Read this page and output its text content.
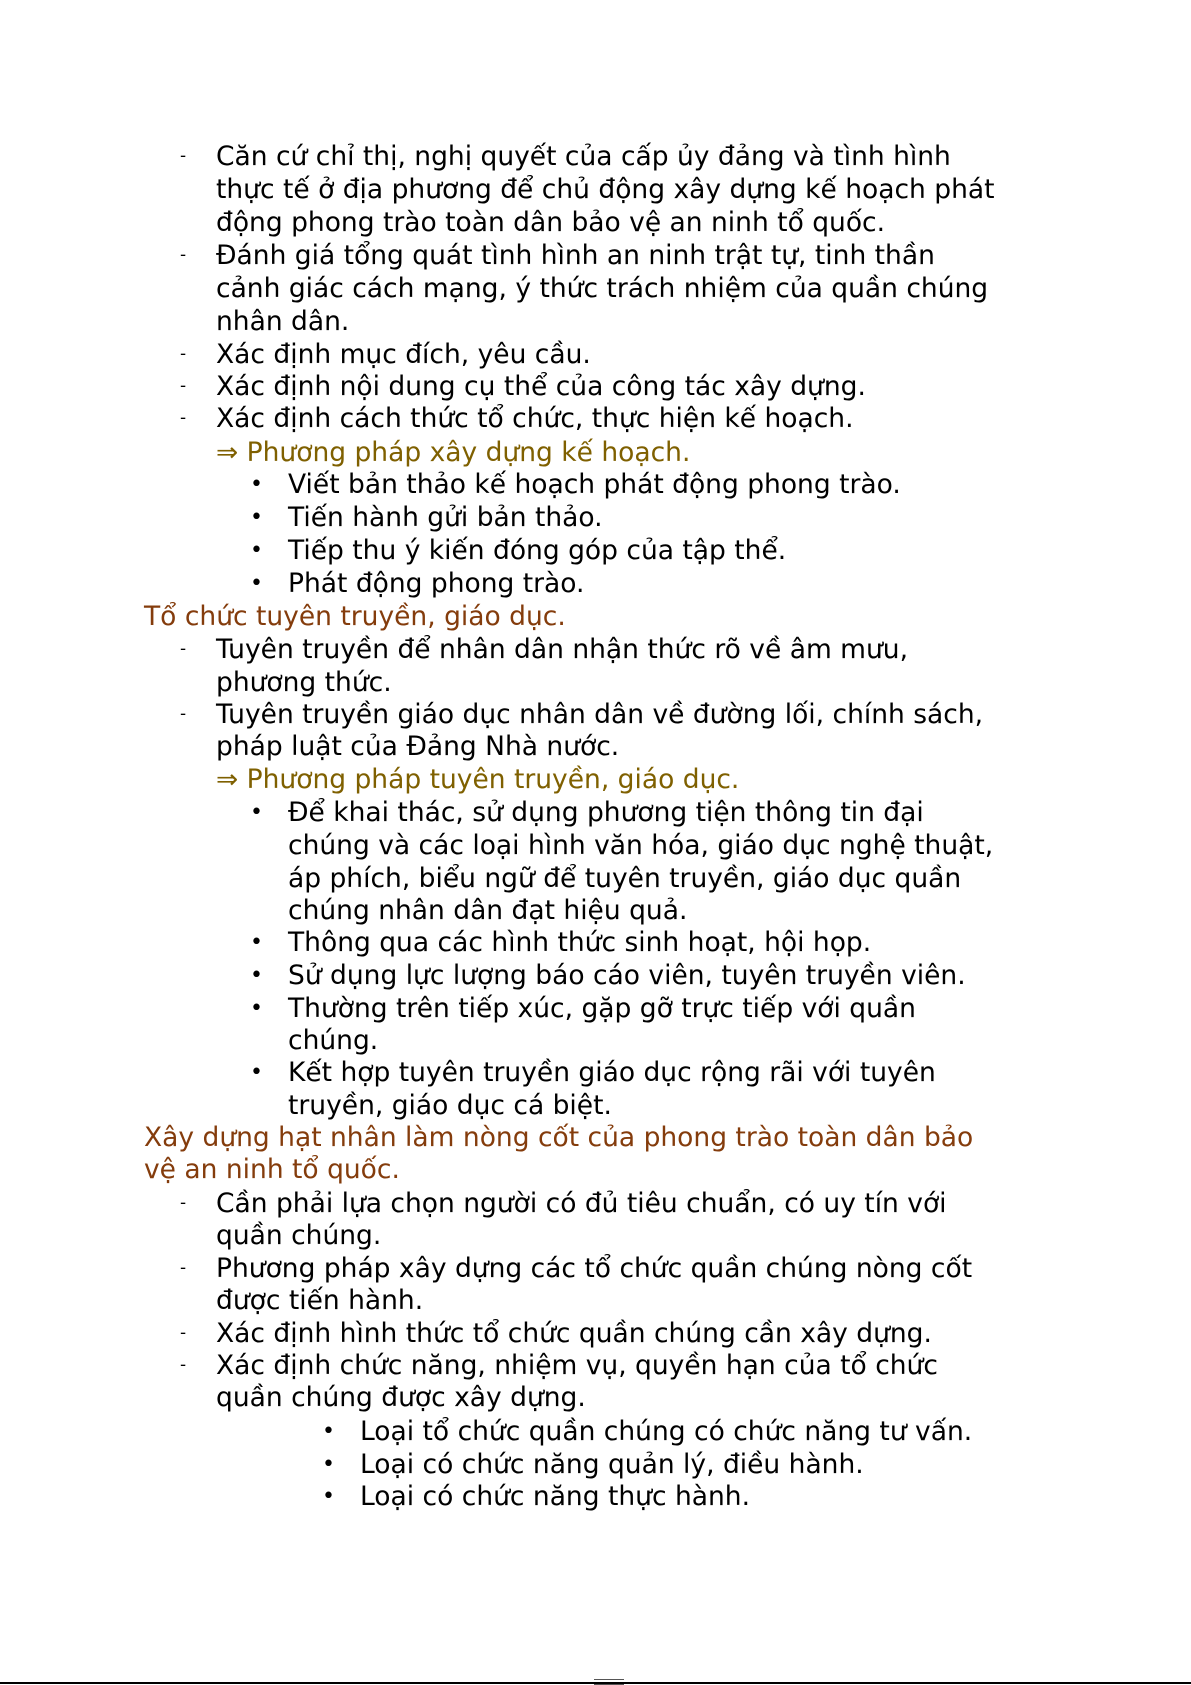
- Căn cứ chỉ thị, nghị quyết của cấp ủy đảng và tình hình
thực tế ở địa phương để chủ động xây dựng kế hoạch phát
động phong trào toàn dân bảo vệ an ninh tổ quốc.
- Đánh giá tổng quát tình hình an ninh trật tự, tinh thần
cảnh giác cách mạng, ý thức trách nhiệm của quần chúng
nhân dân.
- Xác định mục đích, yêu cầu.
- Xác định nội dung cụ thể của công tác xây dựng.
- Xác định cách thức tổ chức, thực hiện kế hoạch.
⇒ Phương pháp xây dựng kế hoạch.
• Viết bản thảo kế hoạch phát động phong trào.
• Tiến hành gửi bản thảo.
• Tiếp thu ý kiến đóng góp của tập thể.
• Phát động phong trào.
Tổ chức tuyên truyền, giáo dục.
- Tuyên truyền để nhân dân nhận thức rõ về âm mưu,
phương thức.
- Tuyên truyền giáo dục nhân dân về đường lối, chính sách,
pháp luật của Đảng Nhà nước.
⇒ Phương pháp tuyên truyền, giáo dục.
• Để khai thác, sử dụng phương tiện thông tin đại
chúng và các loại hình văn hóa, giáo dục nghệ thuật,
áp phích, biểu ngữ để tuyên truyền, giáo dục quần
chúng nhân dân đạt hiệu quả.
• Thông qua các hình thức sinh hoạt, hội họp.
• Sử dụng lực lượng báo cáo viên, tuyên truyền viên.
• Thường trên tiếp xúc, gặp gỡ trực tiếp với quần
chúng.
• Kết hợp tuyên truyền giáo dục rộng rãi với tuyên
truyền, giáo dục cá biệt.
Xây dựng hạt nhân làm nòng cốt của phong trào toàn dân bảo
vệ an ninh tổ quốc.
- Cần phải lựa chọn người có đủ tiêu chuẩn, có uy tín với
quần chúng.
- Phương pháp xây dựng các tổ chức quần chúng nòng cốt
được tiến hành.
- Xác định hình thức tổ chức quần chúng cần xây dựng.
- Xác định chức năng, nhiệm vụ, quyền hạn của tổ chức
quần chúng được xây dựng.
• Loại tổ chức quần chúng có chức năng tư vấn.
• Loại có chức năng quản lý, điều hành.
• Loại có chức năng thực hành.
